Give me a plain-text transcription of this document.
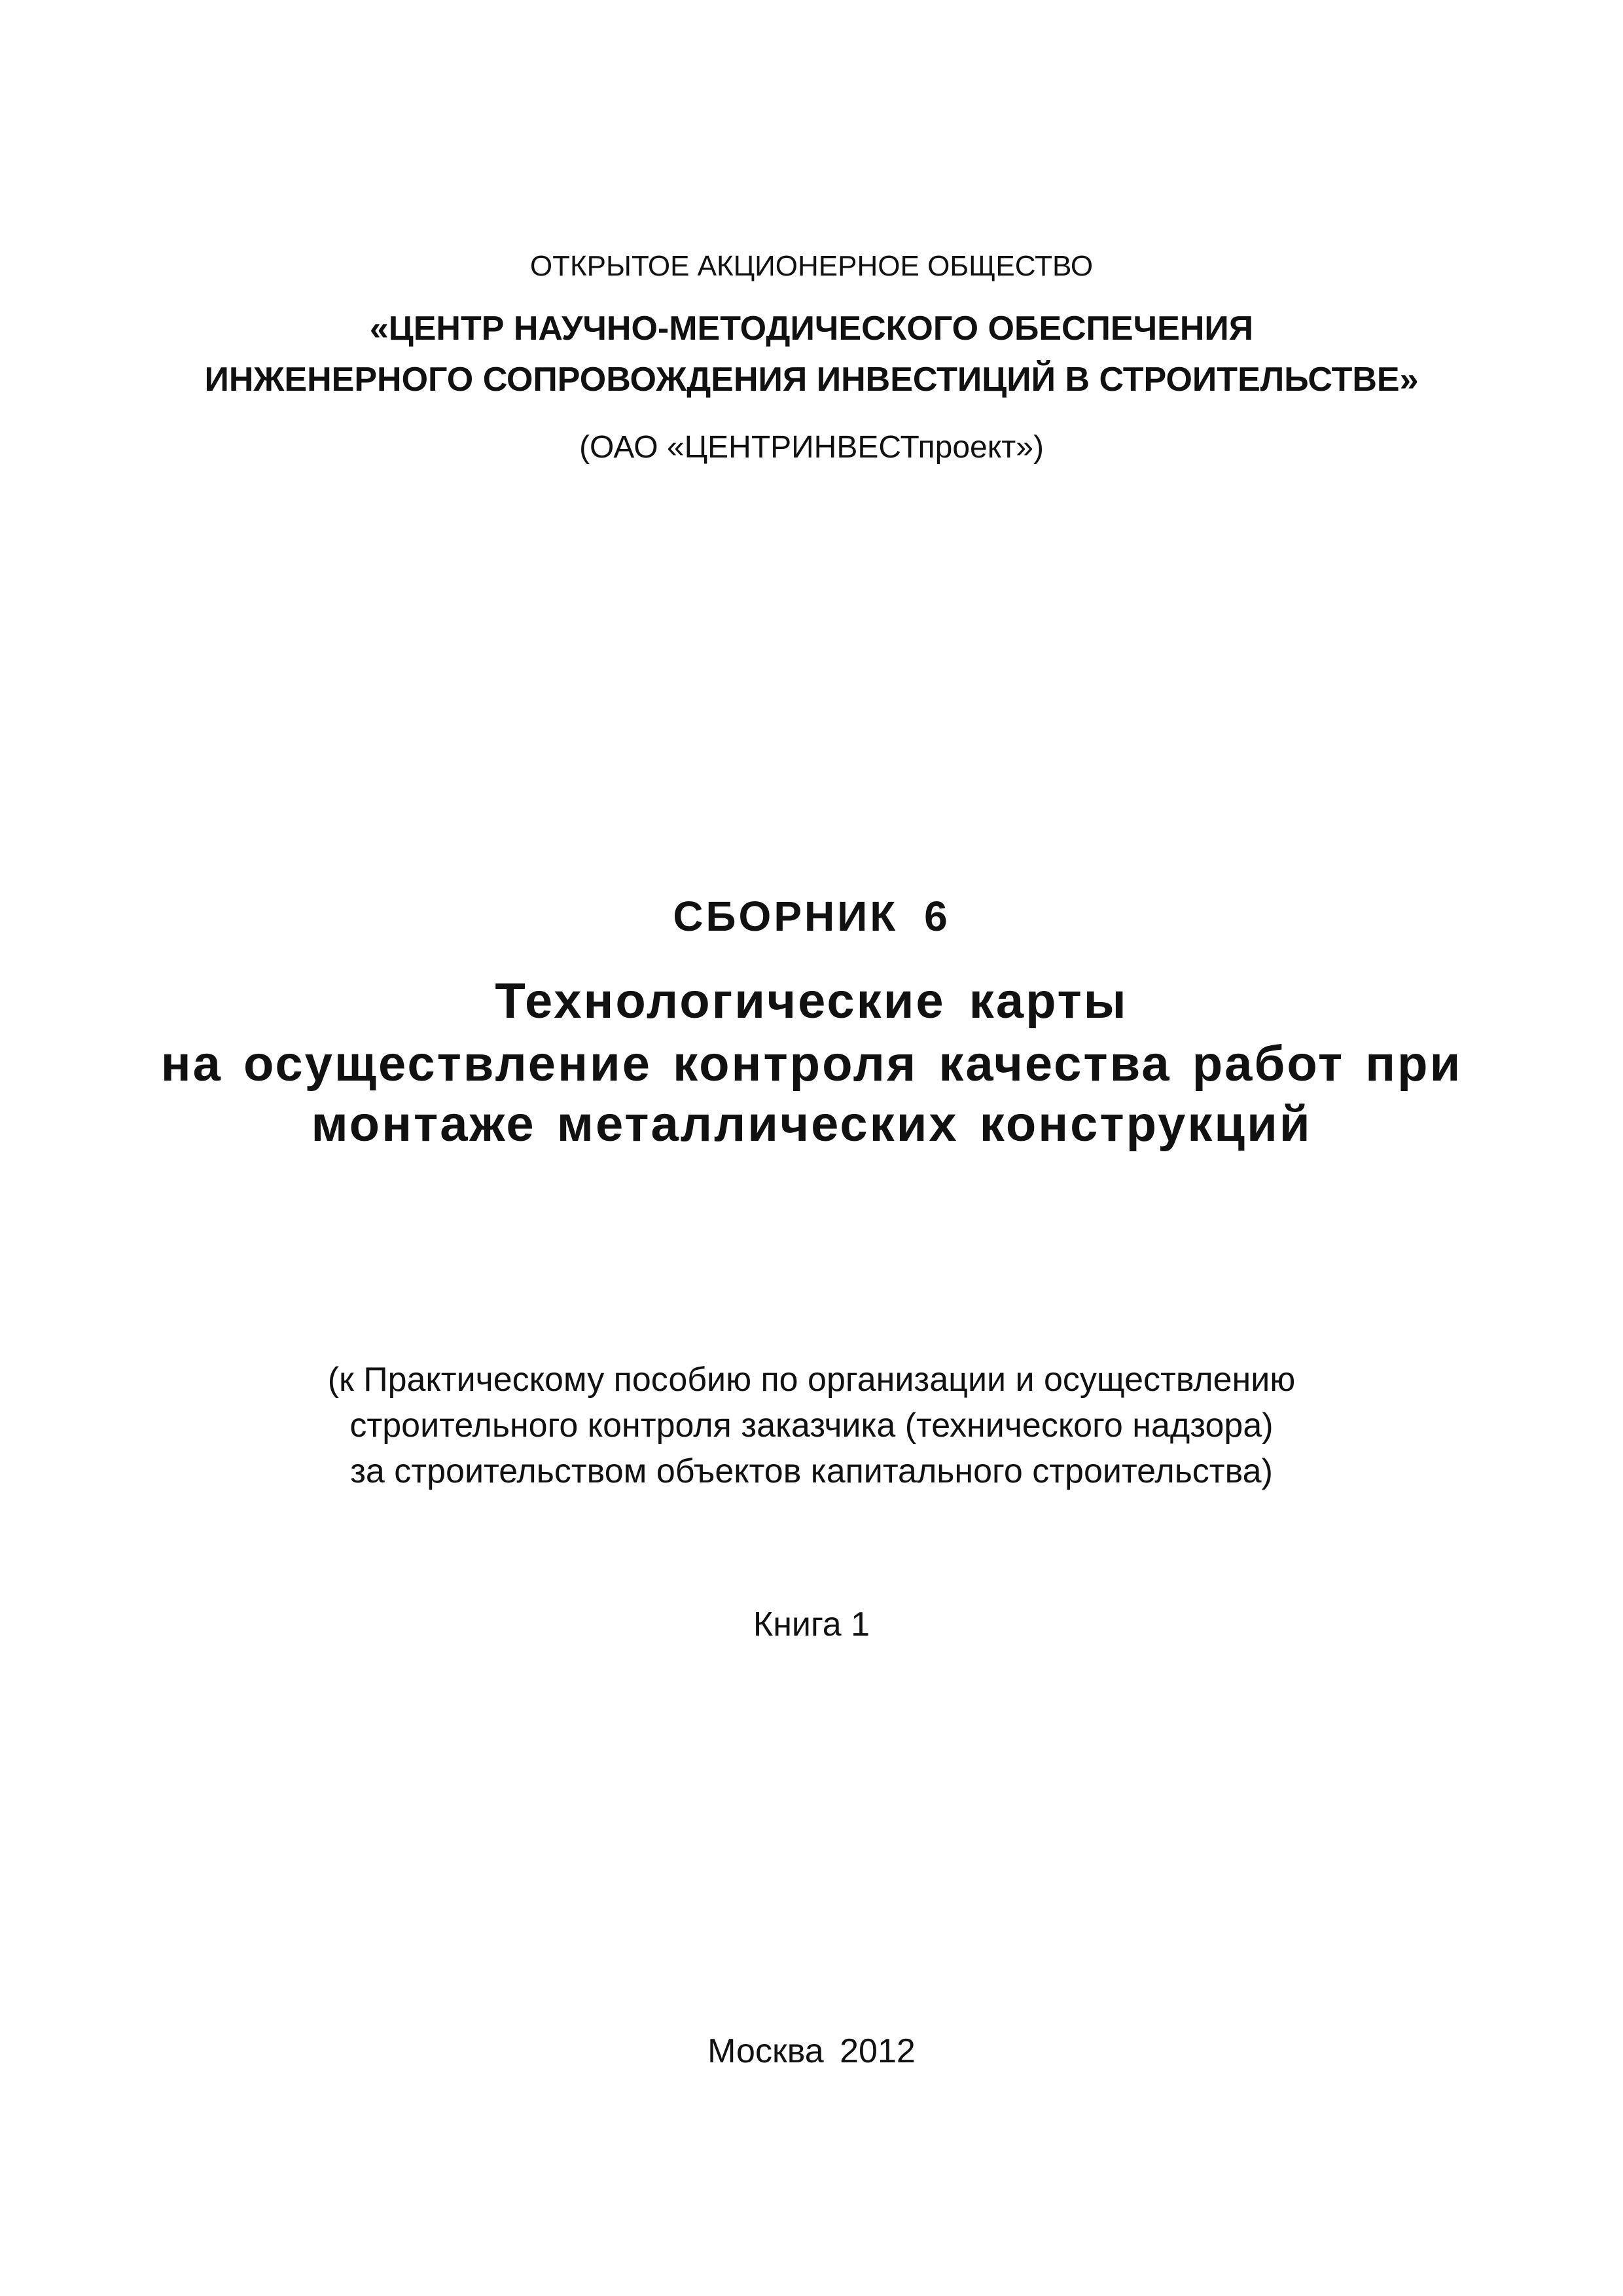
ОТКРЫТОЕ АКЦИОНЕРНОЕ ОБЩЕСТВО
«ЦЕНТР НАУЧНО-МЕТОДИЧЕСКОГО ОБЕСПЕЧЕНИЯ
ИНЖЕНЕРНОГО СОПРОВОЖДЕНИЯ ИНВЕСТИЦИЙ В СТРОИТЕЛЬСТВЕ»
(ОАО «ЦЕНТРИНВЕСТпроект»)
СБОРНИК 6
Технологические карты
на осуществление контроля качества работ при
монтаже металлических конструкций
(к Практическому пособию по организации и осуществлению
строительного контроля заказчика (технического надзора)
за строительством объектов капитального строительства)
Книга 1
Москва 2012
